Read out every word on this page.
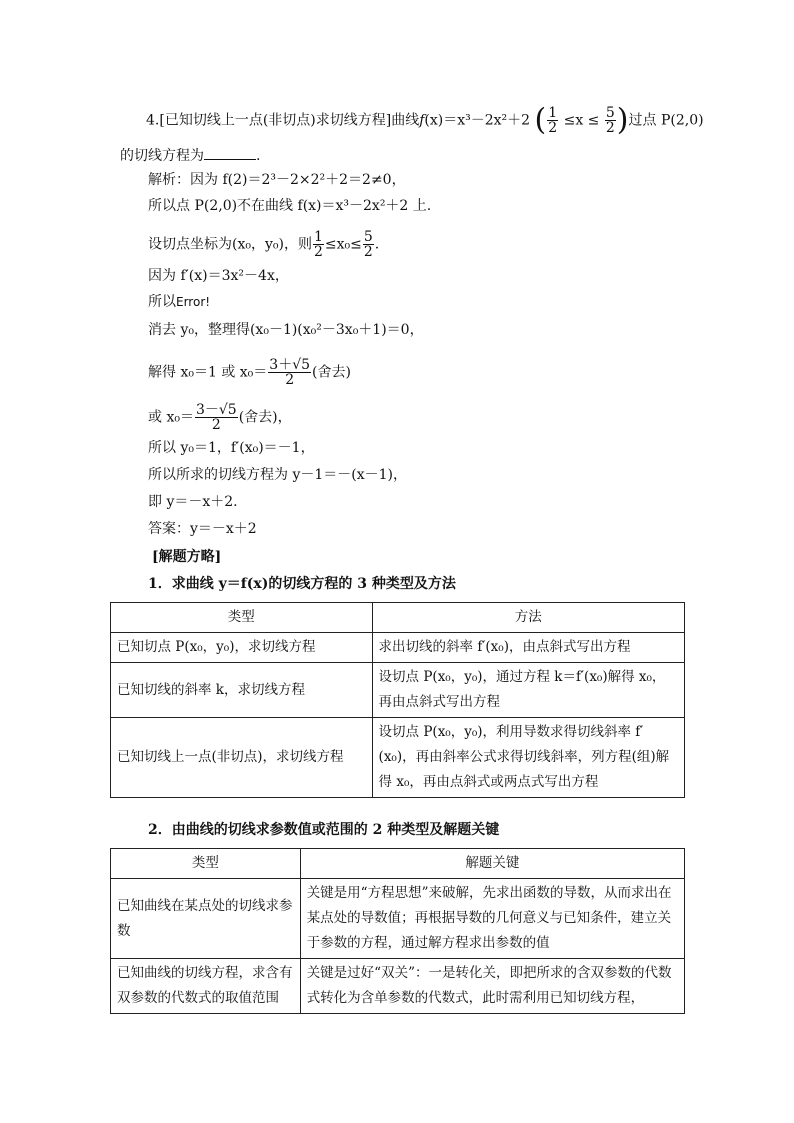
4.[已知切线上一点(非切点)求切线方程]曲线f(x)＝x³－2x²＋2 ( $\frac{1}{2} \le x \le \frac{5}{2}$ )过点 P(2,0)
的切线方程为	.
解析：因为 f(2)＝2³－2×2²＋2＝2≠0，
所以点 P(2,0)不在曲线 f(x)＝x³－2x²＋2 上.
设切点坐标为(x₀，y₀)，则 $\frac{1}{2} \le x_0\le \frac{5}{2}$ .
因为 f′(x)＝3x²－4x，
所以Error!
消去 y₀，整理得(x₀－1)(x₀²－3x₀＋1)＝0，
解得 x₀＝1 或 $x_0= \frac{3+√5}{2}$ (舍去)
或 $x_0= \frac{3-√5}{2}$ (舍去)，
所以 y₀＝1，f′(x₀)＝－1，
所以所求的切线方程为 y－1＝－(x－1)，
即 y＝－x＋2.
答案：y＝－x＋2
[解题方略]
1．求曲线 y＝f(x)的切线方程的 3 种类型及方法
类型	方法
已知切点 P(x₀，y₀)，求切线方程	求出切线的斜率 f′(x₀)，由点斜式写出方程
已知切线的斜率 k，求切线方程	设切点 P(x₀，y₀)，通过方程 k＝f′(x₀)解得 x₀，再由点斜式写出方程
已知切线上一点(非切点)，求切线方程	设切点 P(x₀，y₀)，利用导数求得切线斜率 f′(x₀)，再由斜率公式求得切线斜率，列方程(组)解得 x₀，再由点斜式或两点式写出方程
2．由曲线的切线求参数值或范围的 2 种类型及解题关键
类型	解题关键
已知曲线在某点处的切线求参数	关键是用“方程思想”来破解，先求出函数的导数，从而求出在某点处的导数值；再根据导数的几何意义与已知条件，建立关于参数的方程，通过解方程求出参数的值
已知曲线的切线方程，求含有双参数的代数式的取值范围	关键是过好“双关”：一是转化关，即把所求的含双参数的代数式转化为含单参数的代数式，此时需利用已知切线方程，
